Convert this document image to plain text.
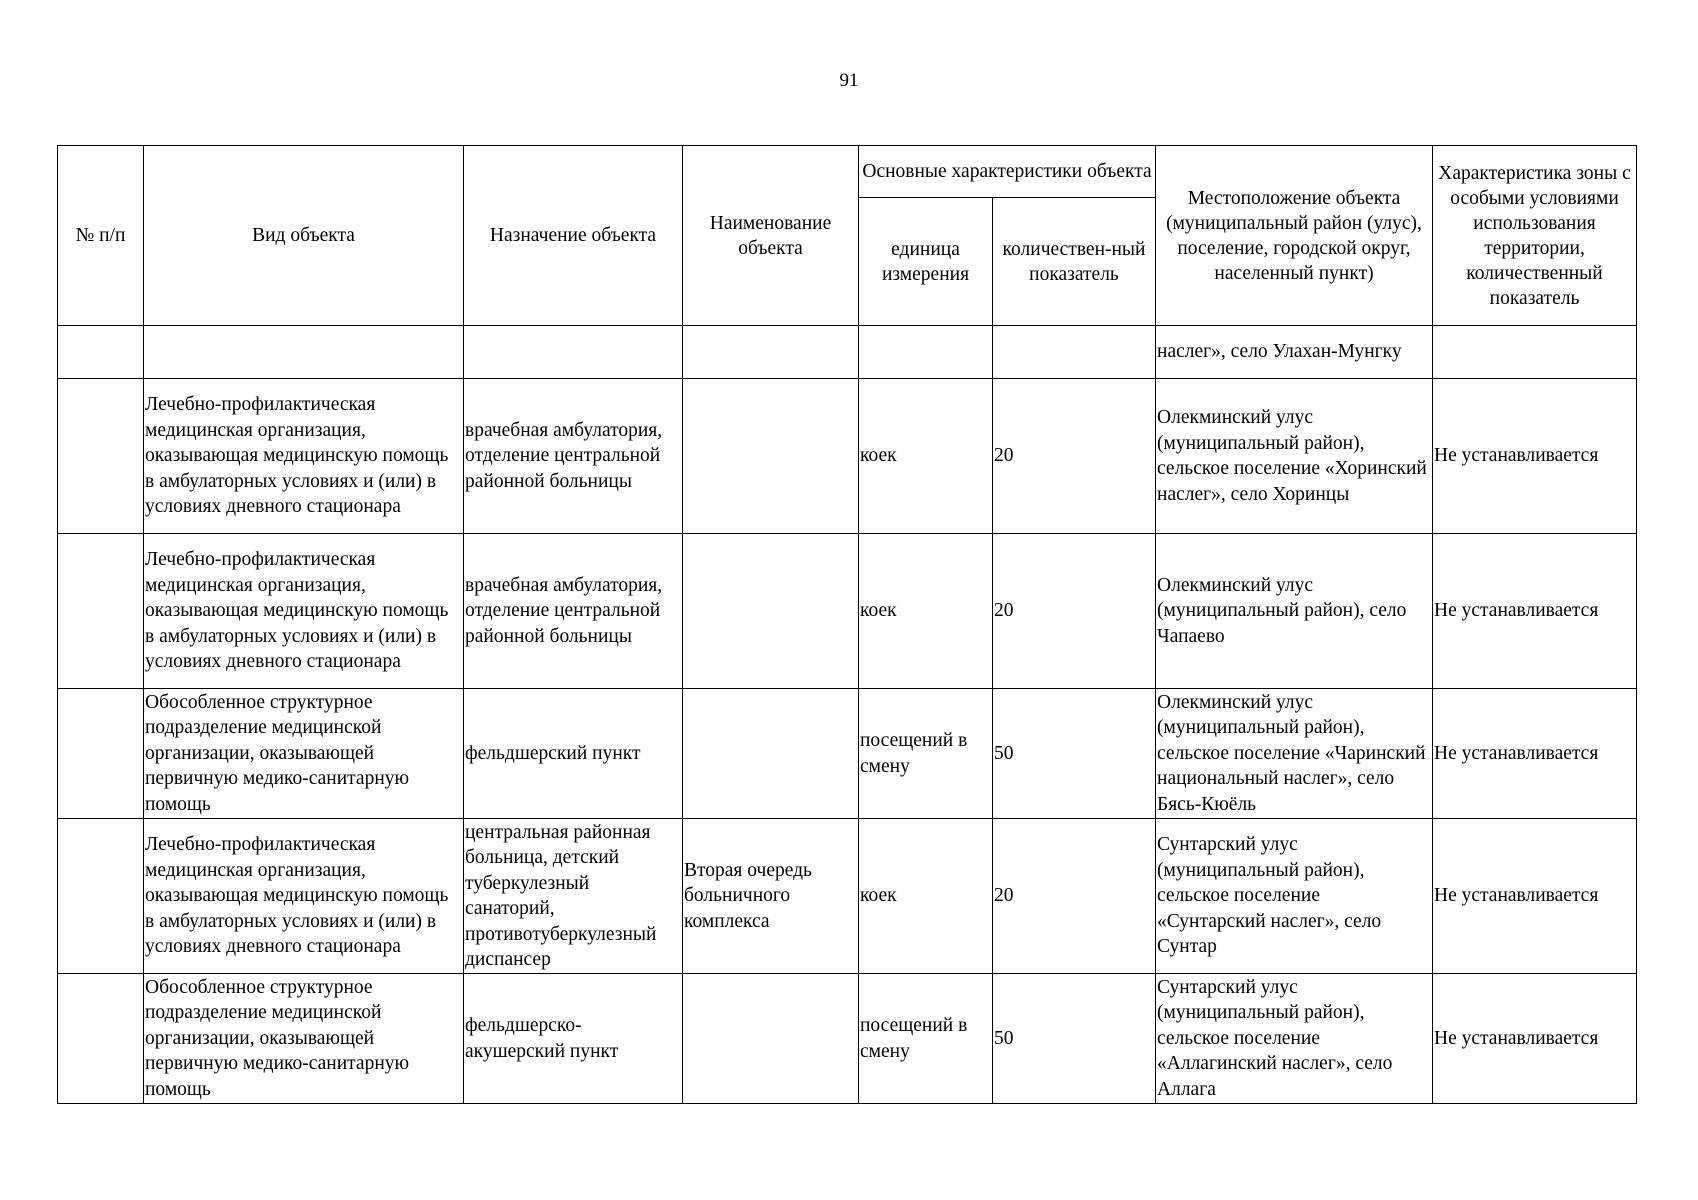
91
№ п/п	Вид объекта	Назначение объекта	Наименование объекта	Основные характеристики объекта		Местоположение объекта (муниципальный район (улус), поселение, городской округ, населенный пункт)	Характеристика зоны с особыми условиями использования территории, количественный показатель
				единица измерения	количествен-ный показатель		
						наслег», село Улахан-Мунгку	
	Лечебно-профилактическая медицинская организация, оказывающая медицинскую помощь в амбулаторных условиях и (или) в условиях дневного стационара	врачебная амбулатория, отделение центральной районной больницы		коек	20	Олекминский улус (муниципальный район), сельское поселение «Хоринский наслег», село Хоринцы	Не устанавливается
	Лечебно-профилактическая медицинская организация, оказывающая медицинскую помощь в амбулаторных условиях и (или) в условиях дневного стационара	врачебная амбулатория, отделение центральной районной больницы		коек	20	Олекминский улус (муниципальный район), село Чапаево	Не устанавливается
	Обособленное структурное подразделение медицинской организации, оказывающей первичную медико-санитарную помощь	фельдшерский пункт		посещений в смену	50	Олекминский улус (муниципальный район), сельское поселение «Чаринский национальный наслег», село Бясь-Кюёль	Не устанавливается
	Лечебно-профилактическая медицинская организация, оказывающая медицинскую помощь в амбулаторных условиях и (или) в условиях дневного стационара	центральная районная больница, детский туберкулезный санаторий, противотуберкулезный диспансер	Вторая очередь больничного комплекса	коек	20	Сунтарский улус (муниципальный район), сельское поселение «Сунтарский наслег», село Сунтар	Не устанавливается
	Обособленное структурное подразделение медицинской организации, оказывающей первичную медико-санитарную помощь	фельдшерско-акушерский пункт		посещений в смену	50	Сунтарский улус (муниципальный район), сельское поселение «Аллагинский наслег», село Аллага	Не устанавливается
